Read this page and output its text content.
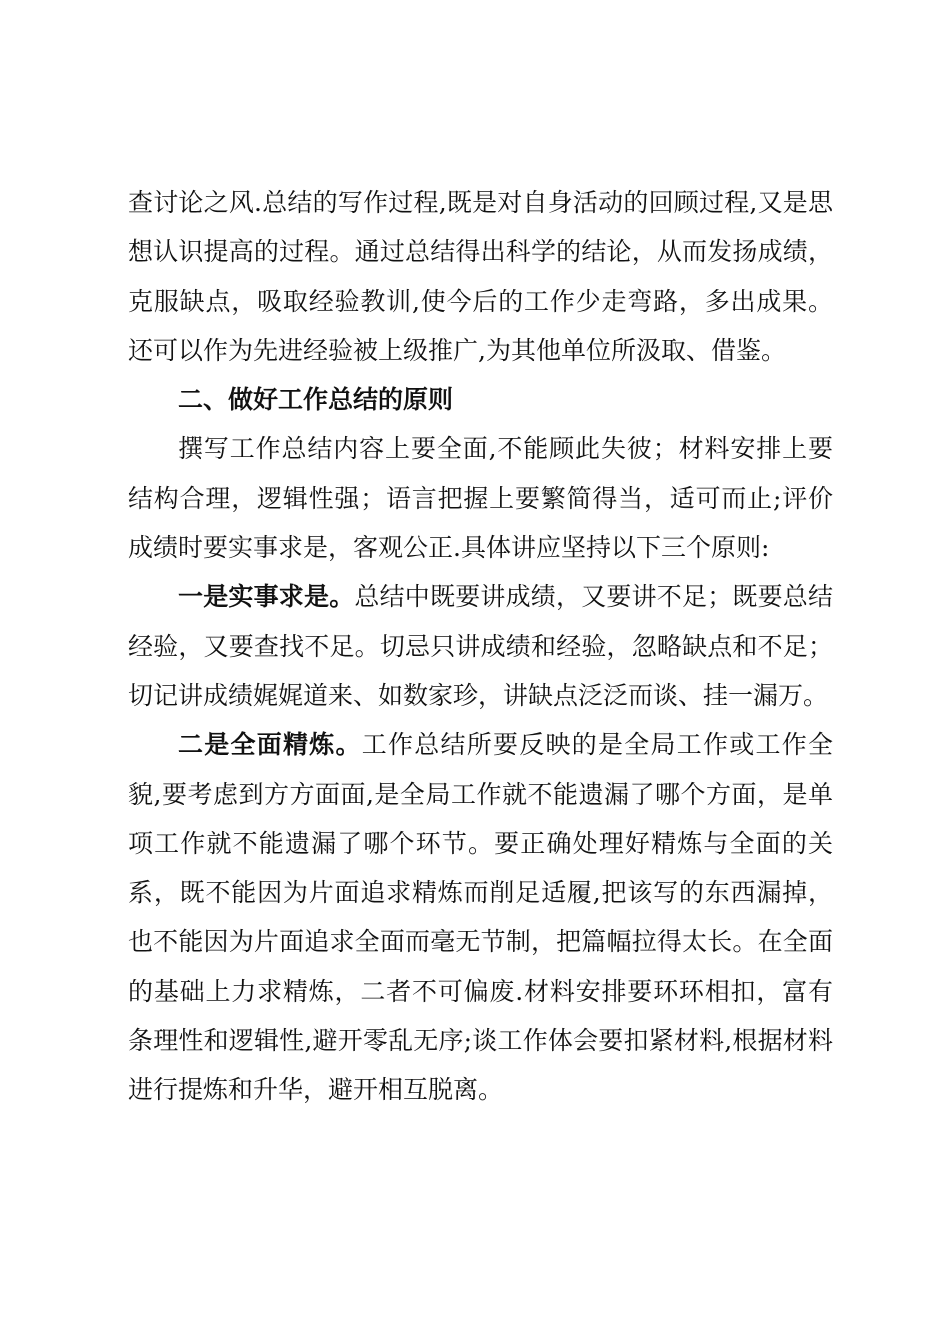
查讨论之风.总结的写作过程,既是对自身活动的回顾过程,又是思想认识提高的过程。通过总结得出科学的结论，从而发扬成绩，克服缺点，吸取经验教训,使今后的工作少走弯路，多出成果。还可以作为先进经验被上级推广,为其他单位所汲取、借鉴。

二、做好工作总结的原则

撰写工作总结内容上要全面,不能顾此失彼；材料安排上要结构合理，逻辑性强；语言把握上要繁简得当，适可而止;评价成绩时要实事求是，客观公正.具体讲应坚持以下三个原则:

一是实事求是。总结中既要讲成绩，又要讲不足；既要总结经验，又要查找不足。切忌只讲成绩和经验，忽略缺点和不足；切记讲成绩娓娓道来、如数家珍，讲缺点泛泛而谈、挂一漏万。

二是全面精炼。工作总结所要反映的是全局工作或工作全貌,要考虑到方方面面,是全局工作就不能遗漏了哪个方面，是单项工作就不能遗漏了哪个环节。要正确处理好精炼与全面的关系，既不能因为片面追求精炼而削足适履,把该写的东西漏掉，也不能因为片面追求全面而毫无节制，把篇幅拉得太长。在全面的基础上力求精炼，二者不可偏废.材料安排要环环相扣，富有条理性和逻辑性,避开零乱无序;谈工作体会要扣紧材料,根据材料进行提炼和升华，避开相互脱离。
